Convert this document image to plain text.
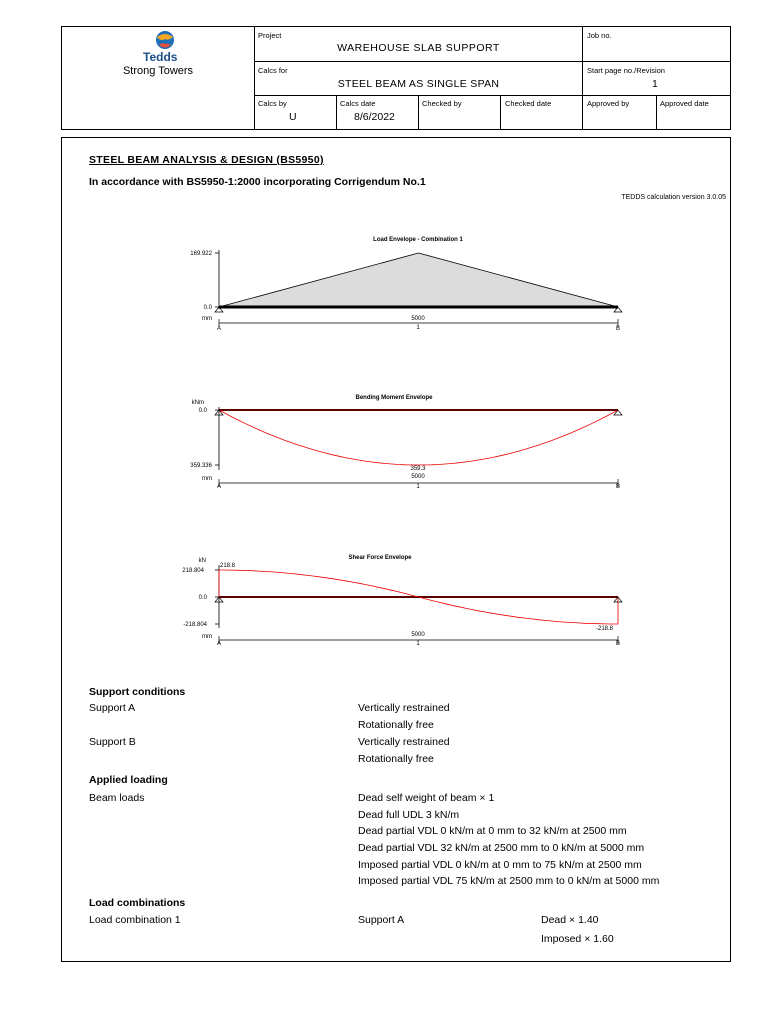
Tedds
Strong Towers
Project
WAREHOUSE SLAB SUPPORT
Calcs for
STEEL BEAM AS SINGLE SPAN
Job no.
Start page no./Revision
1
Calcs by
U
Calcs date
8/6/2022
Checked by	Checked date	Approved by	Approved date
STEEL BEAM ANALYSIS & DESIGN (BS5950)
In accordance with BS5950-1:2000 incorporating Corrigendum No.1
TEDDS calculation version 3.0.05
Load Envelope - Combination 1
169.922
0.0
mm	5000
1
A	B
Bending Moment Envelope
kNm
0.0
359.336	359.3
mm	5000
1
A	B
Shear Force Envelope
kN
218.804
0.0
-218.804
218.8
-218.8
mm	5000
1
A	B
Support conditions
Support A	Vertically restrained
Rotationally free
Support B	Vertically restrained
Rotationally free
Applied loading
Beam loads	Dead self weight of beam × 1
Dead full UDL 3 kN/m
Dead partial VDL 0 kN/m at 0 mm to 32 kN/m at 2500 mm
Dead partial VDL 32 kN/m at 2500 mm to 0 kN/m at 5000 mm
Imposed partial VDL 0 kN/m at 0 mm to 75 kN/m at 2500 mm
Imposed partial VDL 75 kN/m at 2500 mm to 0 kN/m at 5000 mm
Load combinations
Load combination 1	Support A	Dead × 1.40
Imposed × 1.60
